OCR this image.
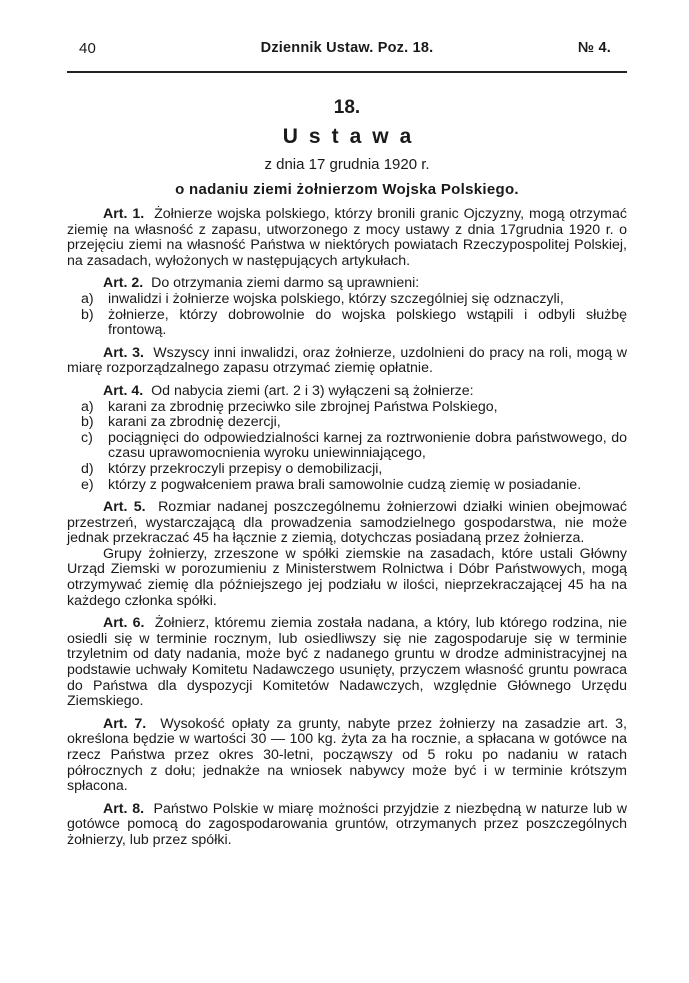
40	Dziennik Ustaw. Poz. 18.	№ 4.
18.
Ustawa
z dnia 17 grudnia 1920 r.
o nadaniu ziemi żołnierzom Wojska Polskiego.

Art. 1. Żołnierze wojska polskiego, którzy bronili granic Ojczyzny, mogą otrzymać ziemię na własność z zapasu, utworzonego z mocy ustawy z dnia 17grudnia 1920 r. o przejęciu ziemi na własność Państwa w niektórych powiatach Rzeczypospolitej Polskiej, na zasadach, wyłożonych w następujących artykułach.

Art. 2. Do otrzymania ziemi darmo są uprawnieni:

a) inwalidzi i żołnierze wojska polskiego, którzy szczególniej się odznaczyli,
b) żołnierze, którzy dobrowolnie do wojska polskiego wstąpili i odbyli służbę frontową.

Art. 3. Wszyscy inni inwalidzi, oraz żołnierze, uzdolnieni do pracy na roli, mogą w miarę rozporządzalnego zapasu otrzymać ziemię opłatnie.

Art. 4. Od nabycia ziemi (art. 2 i 3) wyłączeni są żołnierze:

a) karani za zbrodnię przeciwko sile zbrojnej Państwa Polskiego,
b) karani za zbrodnię dezercji,
c) pociągnięci do odpowiedzialności karnej za roztrwonienie dobra państwowego, do czasu uprawomocnienia wyroku uniewinniającego,
d) którzy przekroczyli przepisy o demobilizacji,
e) którzy z pogwałceniem prawa brali samowolnie cudzą ziemię w posiadanie.

Art. 5. Rozmiar nadanej poszczególnemu żołnierzowi działki winien obejmować przestrzeń, wystarczającą dla prowadzenia samodzielnego gospodarstwa, nie może jednak przekraczać 45 ha łącznie z ziemią, dotychczas posiadaną przez żołnierza.

Grupy żołnierzy, zrzeszone w spółki ziemskie na zasadach, które ustali Główny Urząd Ziemski w porozumieniu z Ministerstwem Rolnictwa i Dóbr Państwowych, mogą otrzymywać ziemię dla późniejszego jej podziału w ilości, nieprzekraczającej 45 ha na każdego członka spółki.

Art. 6. Żołnierz, któremu ziemia została nadana, a który, lub którego rodzina, nie osiedli się w terminie rocznym, lub osiedliwszy się nie zagospodaruje się w terminie trzyletnim od daty nadania, może być z nadanego gruntu w drodze administracyjnej na podstawie uchwały Komitetu Nadawczego usunięty, przyczem własność gruntu powraca do Państwa dla dyspozycji Komitetów Nadawczych, względnie Głównego Urzędu Ziemskiego.

Art. 7. Wysokość opłaty za grunty, nabyte przez żołnierzy na zasadzie art. 3, określona będzie w wartości 30 — 100 kg. żyta za ha rocznie, a spłacana w gotówce na rzecz Państwa przez okres 30-letni, począwszy od 5 roku po nadaniu w ratach półrocznych z dołu; jednakże na wniosek nabywcy może być i w terminie krótszym spłacona.

Art. 8. Państwo Polskie w miarę możności przyjdzie z niezbędną w naturze lub w gotówce pomocą do zagospodarowania gruntów, otrzymanych przez poszczególnych żołnierzy, lub przez spółki.
